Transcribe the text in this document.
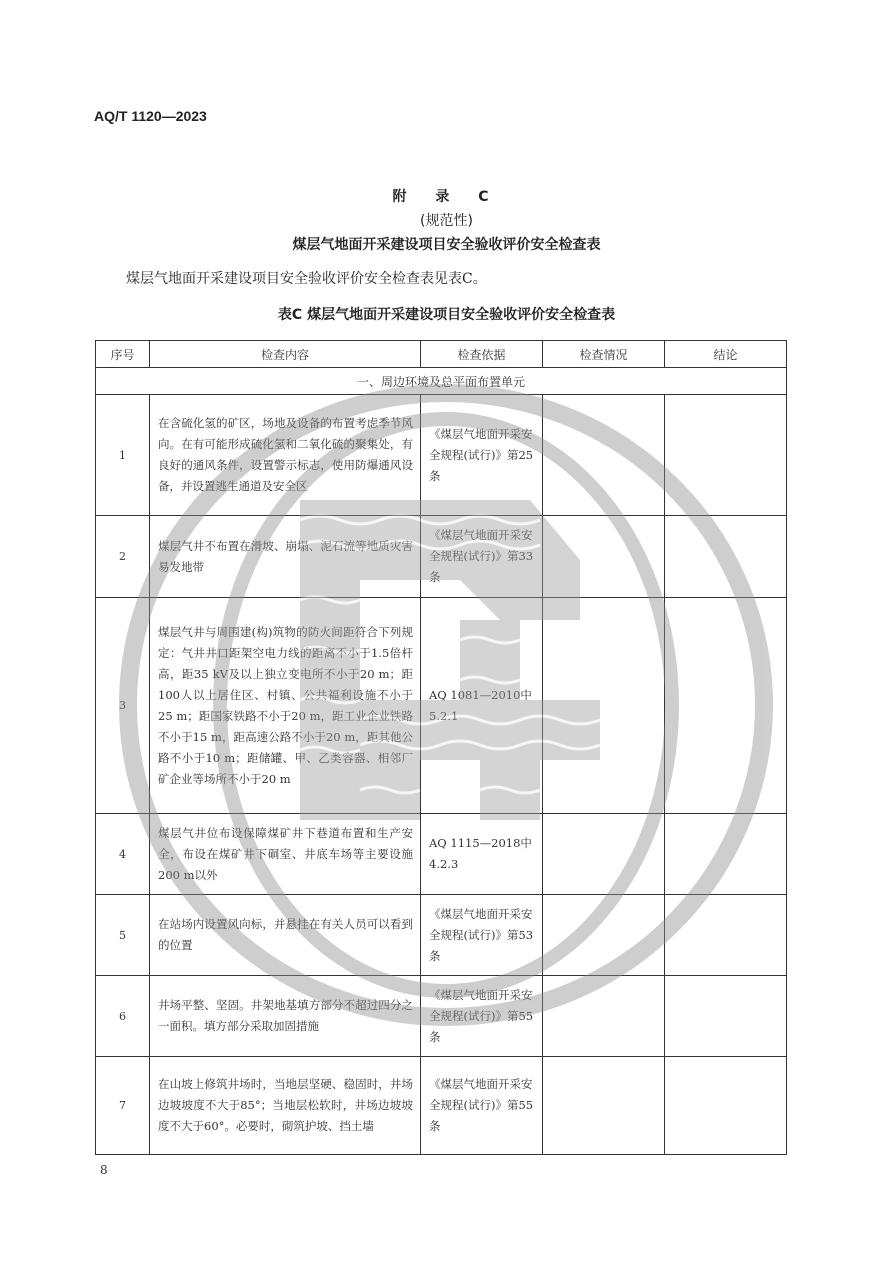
AQ/T 1120—2023
附 录 C
(规范性)
煤层气地面开采建设项目安全验收评价安全检查表
煤层气地面开采建设项目安全验收评价安全检查表见表C。
表C 煤层气地面开采建设项目安全验收评价安全检查表
序号	检查内容	检查依据	检查情况	结论
一、周边环境及总平面布置单元				
1	在含硫化氢的矿区，场地及设备的布置考虑季节风向。在有可能形成硫化氢和二氧化硫的聚集处，有良好的通风条件，设置警示标志，使用防爆通风设备，并设置逃生通道及安全区	《煤层气地面开采安全规程(试行)》第25条		
2	煤层气井不布置在滑坡、崩塌、泥石流等地质灾害易发地带	《煤层气地面开采安全规程(试行)》第33条		
3	煤层气井与周围建(构)筑物的防火间距符合下列规定：气井井口距架空电力线的距离不小于1.5倍杆高，距35 kV及以上独立变电所不小于20 m；距100人以上居住区、村镇、公共福利设施不小于25 m；距国家铁路不小于20 m，距工业企业铁路不小于15 m，距高速公路不小于20 m，距其他公路不小于10 m；距储罐、甲、乙类容器、相邻厂矿企业等场所不小于20 m	AQ 1081—2010中5.2.1		
4	煤层气井位布设保障煤矿井下巷道布置和生产安全，布设在煤矿井下硐室、井底车场等主要设施200 m以外	AQ 1115—2018中4.2.3		
5	在站场内设置风向标，并悬挂在有关人员可以看到的位置	《煤层气地面开采安全规程(试行)》第53条		
6	井场平整、坚固。井架地基填方部分不超过四分之一面积。填方部分采取加固措施	《煤层气地面开采安全规程(试行)》第55条		
7	在山坡上修筑井场时，当地层坚硬、稳固时，井场边坡坡度不大于85°；当地层松软时，井场边坡坡度不大于60°。必要时，砌筑护坡、挡土墙	《煤层气地面开采安全规程(试行)》第55条		
8
